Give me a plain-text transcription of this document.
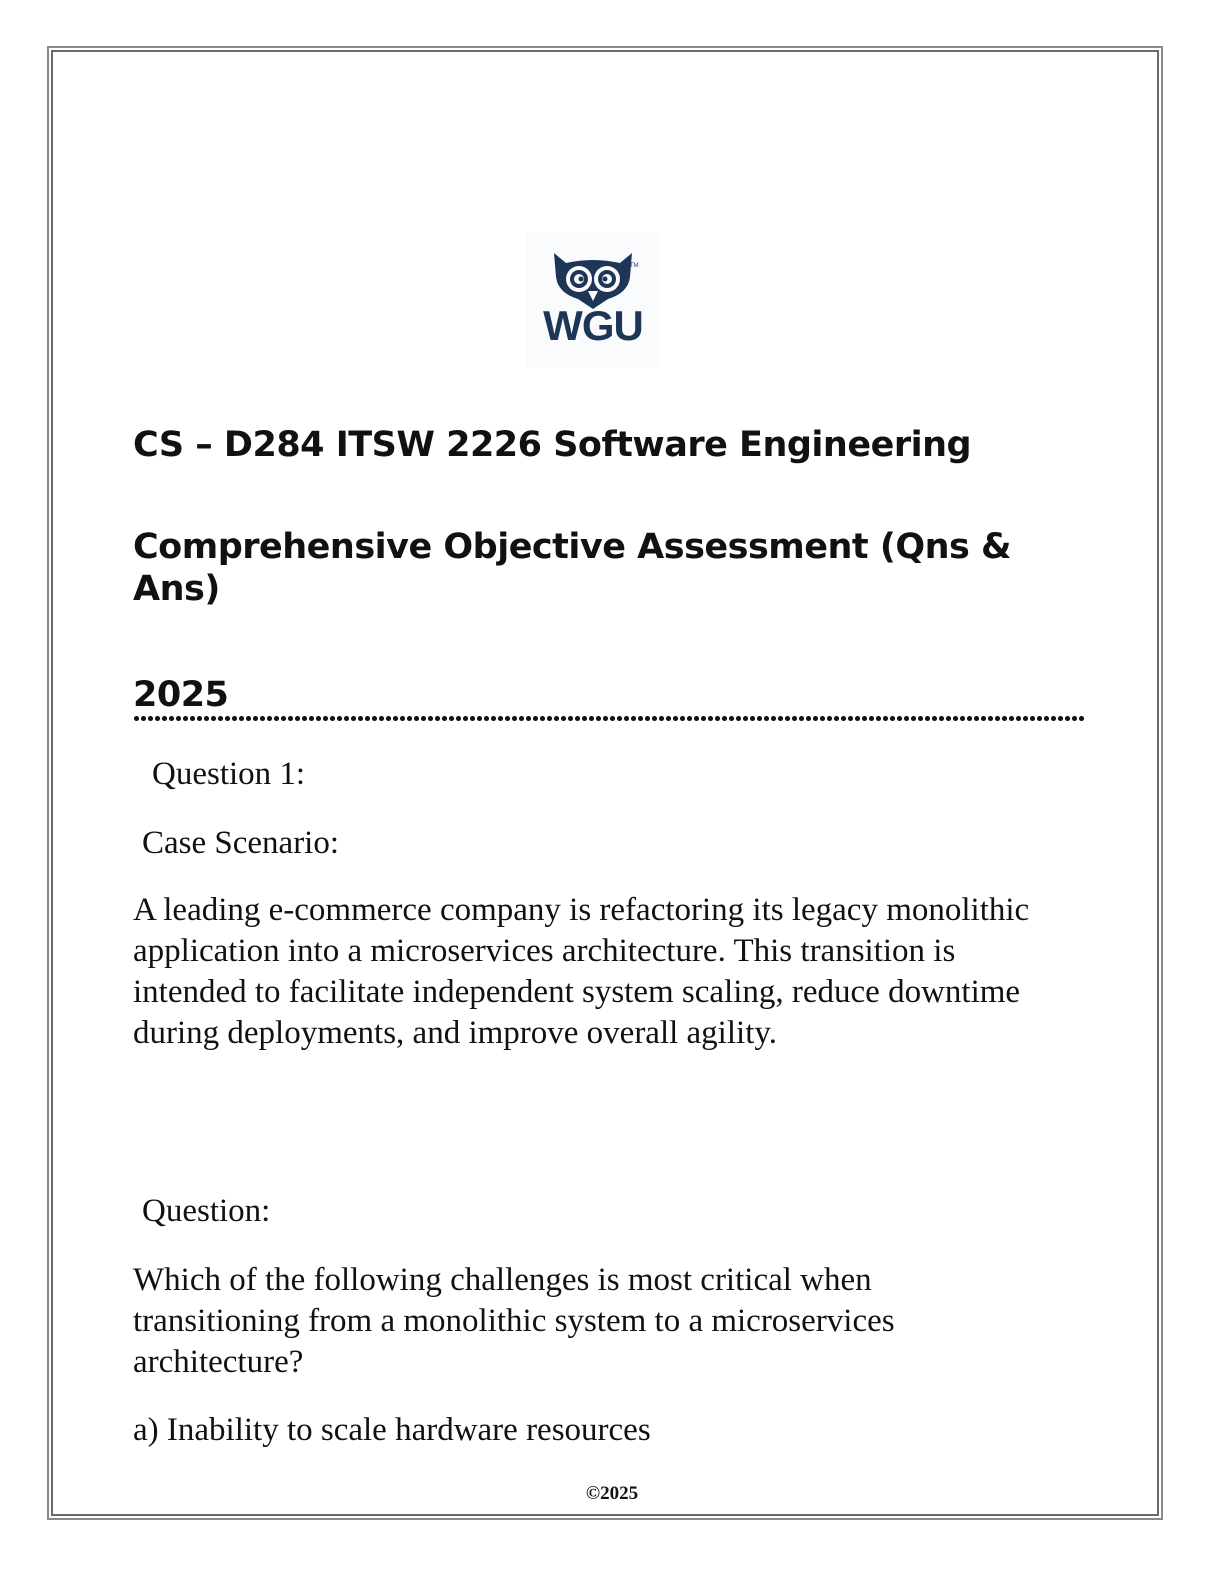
TM
WGU
CS – D284 ITSW 2226 Software Engineering
Comprehensive Objective Assessment (Qns & Ans)
2025
Question 1:
Case Scenario:
A leading e-commerce company is refactoring its legacy monolithic application into a microservices architecture. This transition is intended to facilitate independent system scaling, reduce downtime during deployments, and improve overall agility.
Question:
Which of the following challenges is most critical when transitioning from a monolithic system to a microservices architecture?
a) Inability to scale hardware resources
©2025
